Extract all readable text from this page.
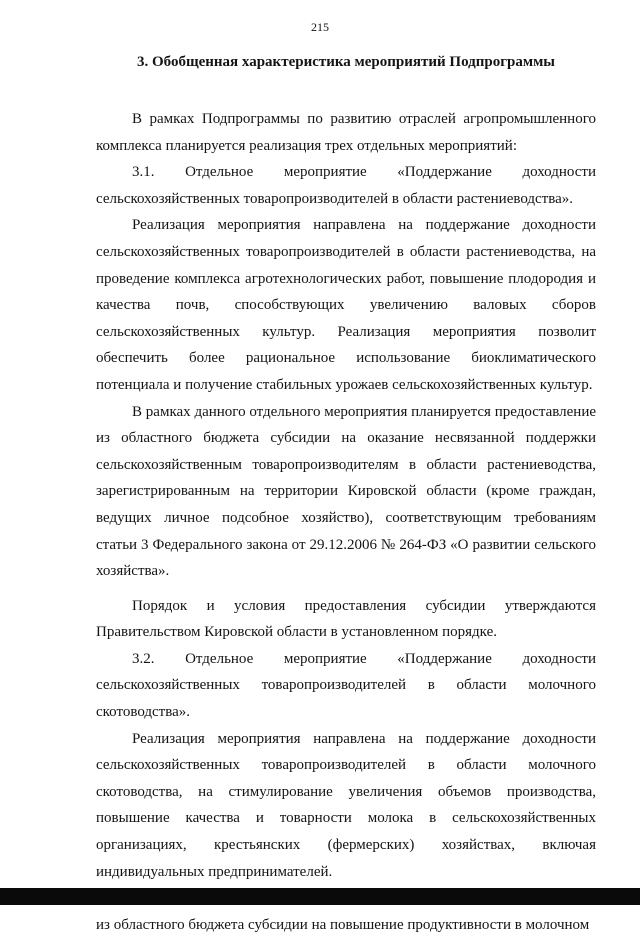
215
3. Обобщенная характеристика мероприятий Подпрограммы

В рамках Подпрограммы по развитию отраслей агропромышленного комплекса планируется реализация трех отдельных мероприятий:

3.1. Отдельное мероприятие «Поддержание доходности сельскохозяйственных товаропроизводителей в области растениеводства».

Реализация мероприятия направлена на поддержание доходности сельскохозяйственных товаропроизводителей в области растениеводства, на проведение комплекса агротехнологических работ, повышение плодородия и качества почв, способствующих увеличению валовых сборов сельскохозяйственных культур. Реализация мероприятия позволит обеспечить более рациональное использование биоклиматического потенциала и получение стабильных урожаев сельскохозяйственных культур.

В рамках данного отдельного мероприятия планируется предоставление из областного бюджета субсидии на оказание несвязанной поддержки сельскохозяйственным товаропроизводителям в области растениеводства, зарегистрированным на территории Кировской области (кроме граждан, ведущих личное подсобное хозяйство), соответствующим требованиям статьи 3 Федерального закона от 29.12.2006 № 264-ФЗ «О развитии сельского хозяйства».

Порядок и условия предоставления субсидии утверждаются Правительством Кировской области в установленном порядке.

3.2. Отдельное мероприятие «Поддержание доходности сельскохозяйственных товаропроизводителей в области молочного скотоводства».

Реализация мероприятия направлена на поддержание доходности сельскохозяйственных товаропроизводителей в области молочного скотоводства, на стимулирование увеличения объемов производства, повышение качества и товарности молока в сельскохозяйственных организациях, крестьянских (фермерских) хозяйствах, включая индивидуальных предпринимателей.

из областного бюджета субсидии на повышение продуктивности в молочном
